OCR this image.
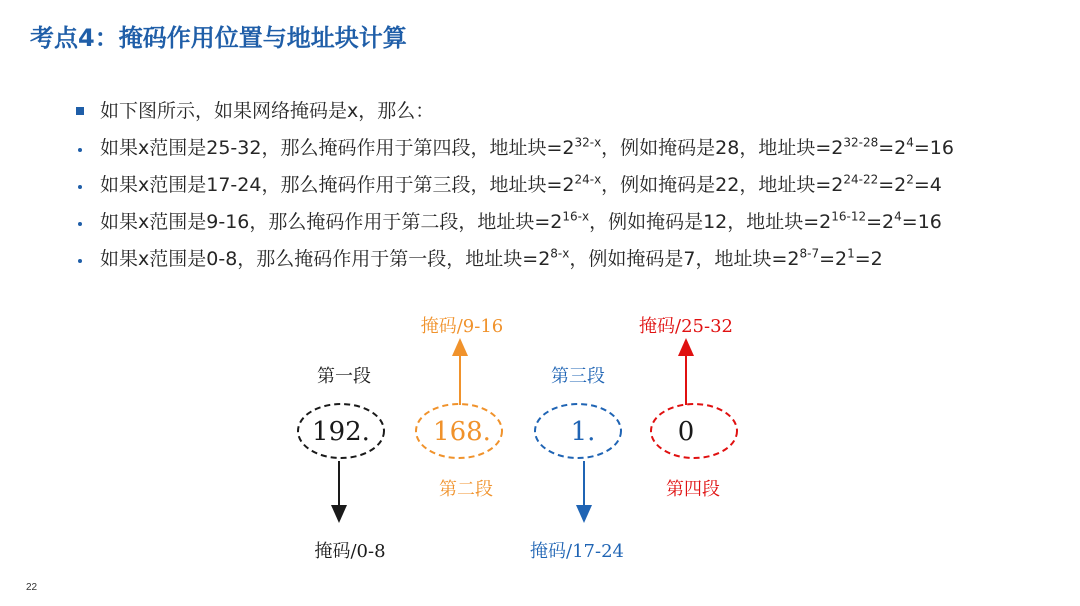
考点4：掩码作用位置与地址块计算
如下图所示，如果网络掩码是x，那么：
如果x范围是25-32，那么掩码作用于第四段，地址块$=2^{32-x}$，例如掩码是28，地址块$=2^{32-28}=2^4=16$
如果x范围是17-24，那么掩码作用于第三段，地址块$=2^{24-x}$，例如掩码是22，地址块$=2^{24-22}=2^2=4$
如果x范围是9-16，那么掩码作用于第二段，地址块$=2^{16-x}$，例如掩码是12，地址块$=2^{16-12}=2^4=16$
如果x范围是0-8，那么掩码作用于第一段，地址块$=2^{8-x}$，例如掩码是7，地址块$=2^{8-7}=2^1=2$
第一段
192.
掩码/0-8
掩码/9-16
168.
第二段
第三段
1.
掩码/17-24
掩码/25-32
0
第四段
22
